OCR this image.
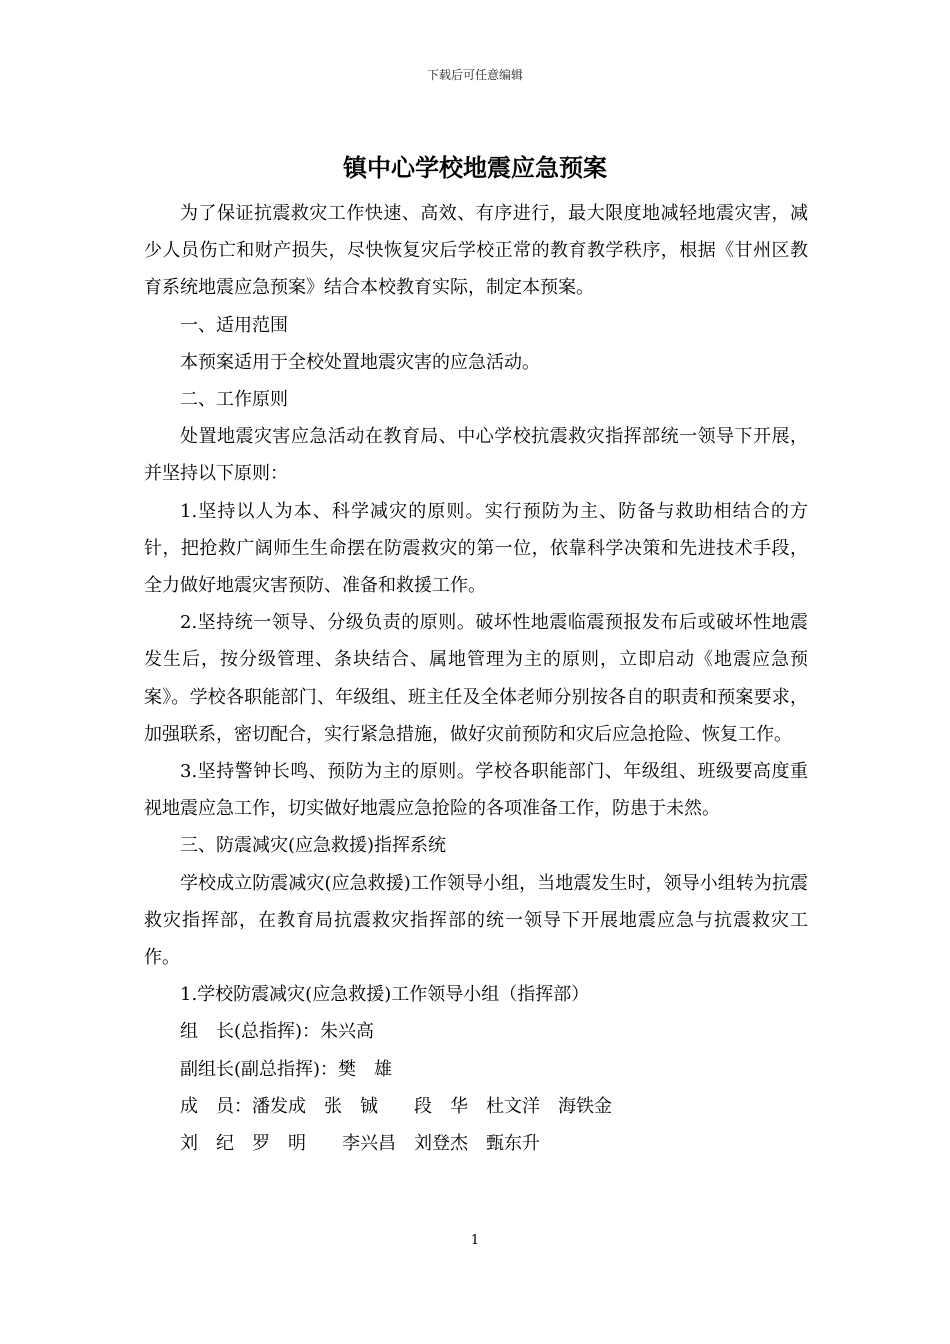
下载后可任意编辑
镇中心学校地震应急预案

为了保证抗震救灾工作快速、高效、有序进行，最大限度地减轻地震灾害，减少人员伤亡和财产损失，尽快恢复灾后学校正常的教育教学秩序，根据《甘州区教育系统地震应急预案》结合本校教育实际，制定本预案。

一、适用范围

本预案适用于全校处置地震灾害的应急活动。

二、工作原则

处置地震灾害应急活动在教育局、中心学校抗震救灾指挥部统一领导下开展，并坚持以下原则：

1.坚持以人为本、科学减灾的原则。实行预防为主、防备与救助相结合的方针，把抢救广阔师生生命摆在防震救灾的第一位，依靠科学决策和先进技术手段，全力做好地震灾害预防、准备和救援工作。

2.坚持统一领导、分级负责的原则。破坏性地震临震预报发布后或破坏性地震发生后，按分级管理、条块结合、属地管理为主的原则，立即启动《地震应急预案》。学校各职能部门、年级组、班主任及全体老师分别按各自的职责和预案要求，加强联系，密切配合，实行紧急措施，做好灾前预防和灾后应急抢险、恢复工作。

3.坚持警钟长鸣、预防为主的原则。学校各职能部门、年级组、班级要高度重视地震应急工作，切实做好地震应急抢险的各项准备工作，防患于未然。

三、防震减灾(应急救援)指挥系统

学校成立防震减灾(应急救援)工作领导小组，当地震发生时，领导小组转为抗震救灾指挥部，在教育局抗震救灾指挥部的统一领导下开展地震应急与抗震救灾工作。

1.学校防震减灾(应急救援)工作领导小组（指挥部）

组　长(总指挥)：朱兴高

副组长(副总指挥)：樊　雄

成　员：潘发成　张　铖　　段　华　杜文洋　海铁金

刘　纪　罗　明　　李兴昌　刘登杰　甄东升

1
